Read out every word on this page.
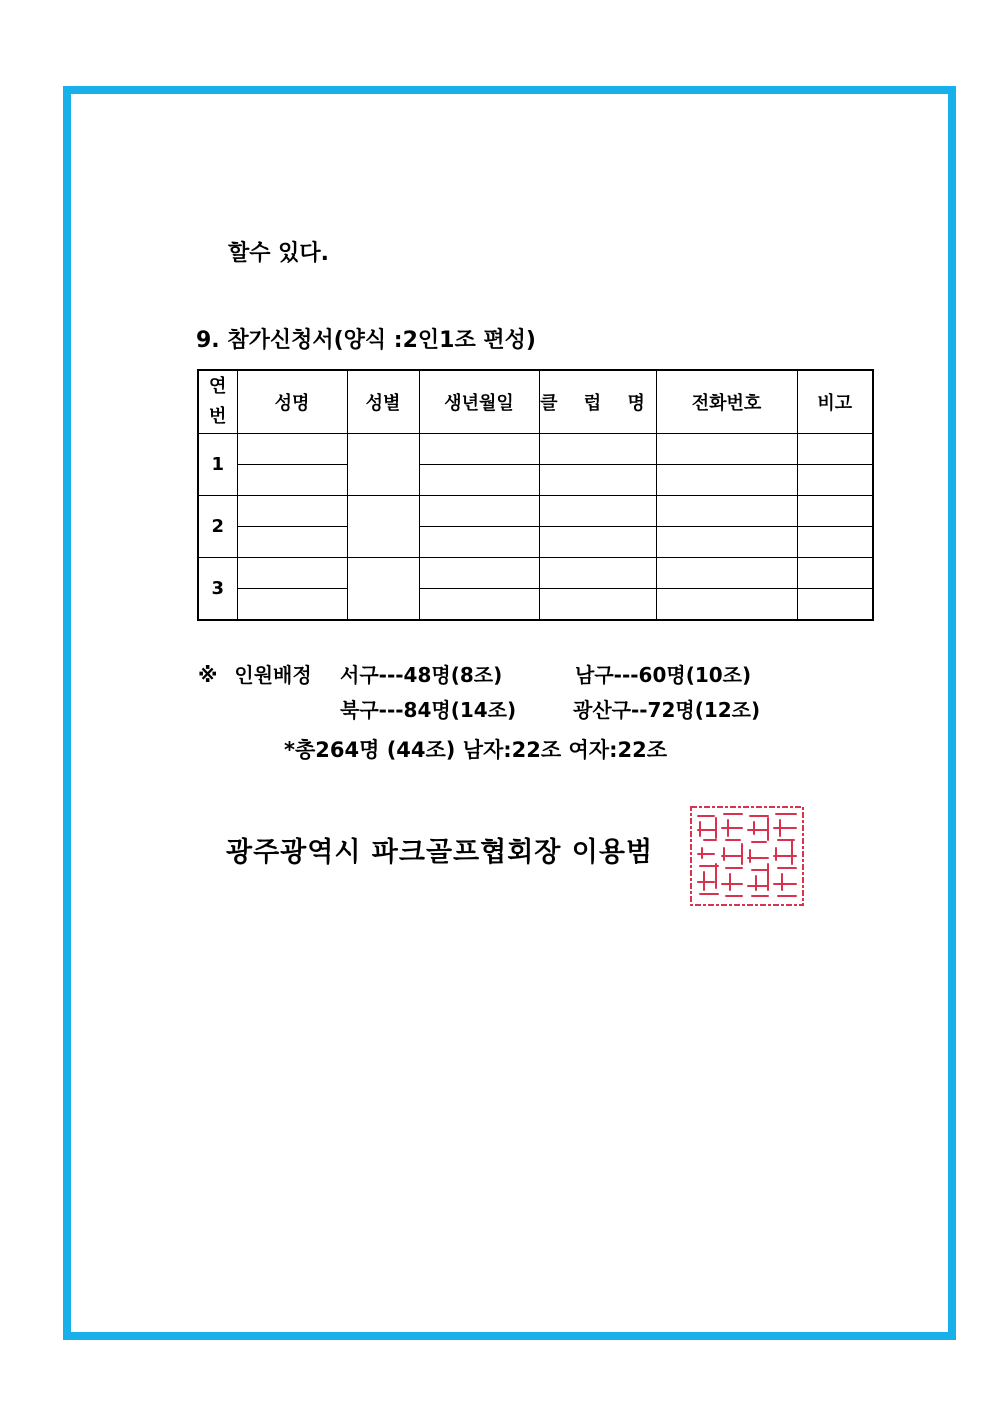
할수 있다.
9. 참가신청서(양식 :2인1조 편성)
연
번	성명	성별	생년월일	클 럽 명	전화번호	비고
1						

2						

3						

※ 인원배정 서구---48명(8조)	남구---60명(10조)
북구---84명(14조)	광산구--72명(12조)
*총264명 (44조) 남자:22조 여자:22조
광주광역시 파크골프협회장 이용범
